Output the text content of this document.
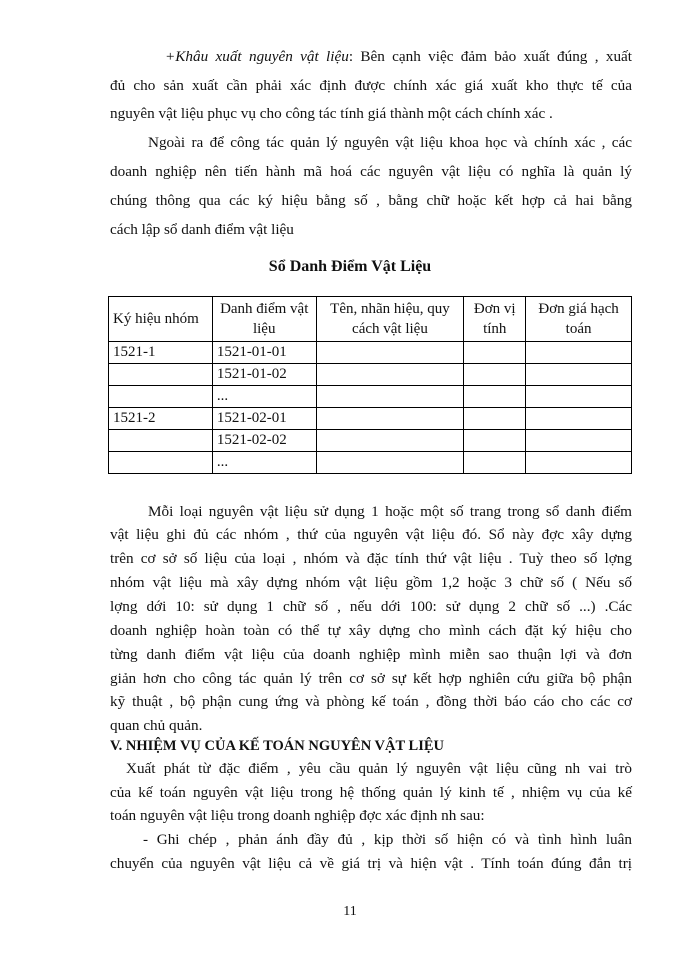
+Khâu xuất nguyên vật liệu: Bên cạnh việc đảm bảo xuất đúng , xuất
đủ cho sản xuất cần phải xác định được chính xác giá xuất kho thực tế của
nguyên vật liệu phục vụ cho công tác tính giá thành một cách chính xác .
Ngoài ra để công tác quản lý nguyên vật liệu khoa học và chính xác , các
doanh nghiệp nên tiến hành mã hoá các nguyên vật liệu có nghĩa là quản lý
chúng thông qua các ký hiệu bằng số , bằng chữ hoặc kết hợp cả hai bằng
cách lập sổ danh điểm vật liệu
Sổ Danh Điểm Vật Liệu
Ký hiệu nhóm	Danh điểm vật liệu	Tên, nhãn hiệu, quy cách vật liệu	Đơn vị tính	Đơn giá hạch toán
1521-1	1521-01-01			
	1521-01-02			
	...			
1521-2	1521-02-01			
	1521-02-02			
	...			
Mỗi loại nguyên vật liệu sử dụng 1 hoặc một số trang trong sổ danh điểm
vật liệu ghi đủ các nhóm , thứ của nguyên vật liệu đó. Sổ này đợc xây dựng
trên cơ sở số liệu của loại , nhóm và đặc tính thứ vật liệu . Tuỳ theo số lợng
nhóm vật liệu mà xây dựng nhóm vật liệu gồm 1,2 hoặc 3 chữ số ( Nếu số
lợng dới 10: sử dụng 1 chữ số , nếu dới 100: sử dụng 2 chữ số ...) .Các
doanh nghiệp hoàn toàn có thể tự xây dựng cho mình cách đặt ký hiệu cho
từng danh điểm vật liệu của doanh nghiệp mình miễn sao thuận lợi và đơn
giản hơn cho công tác quản lý trên cơ sở sự kết hợp nghiên cứu giữa bộ phận
kỹ thuật , bộ phận cung ứng và phòng kế toán , đồng thời báo cáo cho các cơ
quan chủ quản.
V. NHIỆM VỤ CỦA KẾ TOÁN NGUYÊN VẬT LIỆU
Xuất phát từ đặc điểm , yêu cầu quản lý nguyên vật liệu cũng nh vai trò
của kế toán nguyên vật liệu trong hệ thống quản lý kinh tế , nhiệm vụ của kế
toán nguyên vật liệu trong doanh nghiệp đợc xác định nh sau:
- Ghi chép , phản ánh đầy đủ , kịp thời số hiện có và tình hình luân
chuyển của nguyên vật liệu cả về giá trị và hiện vật . Tính toán đúng đắn trị
11
